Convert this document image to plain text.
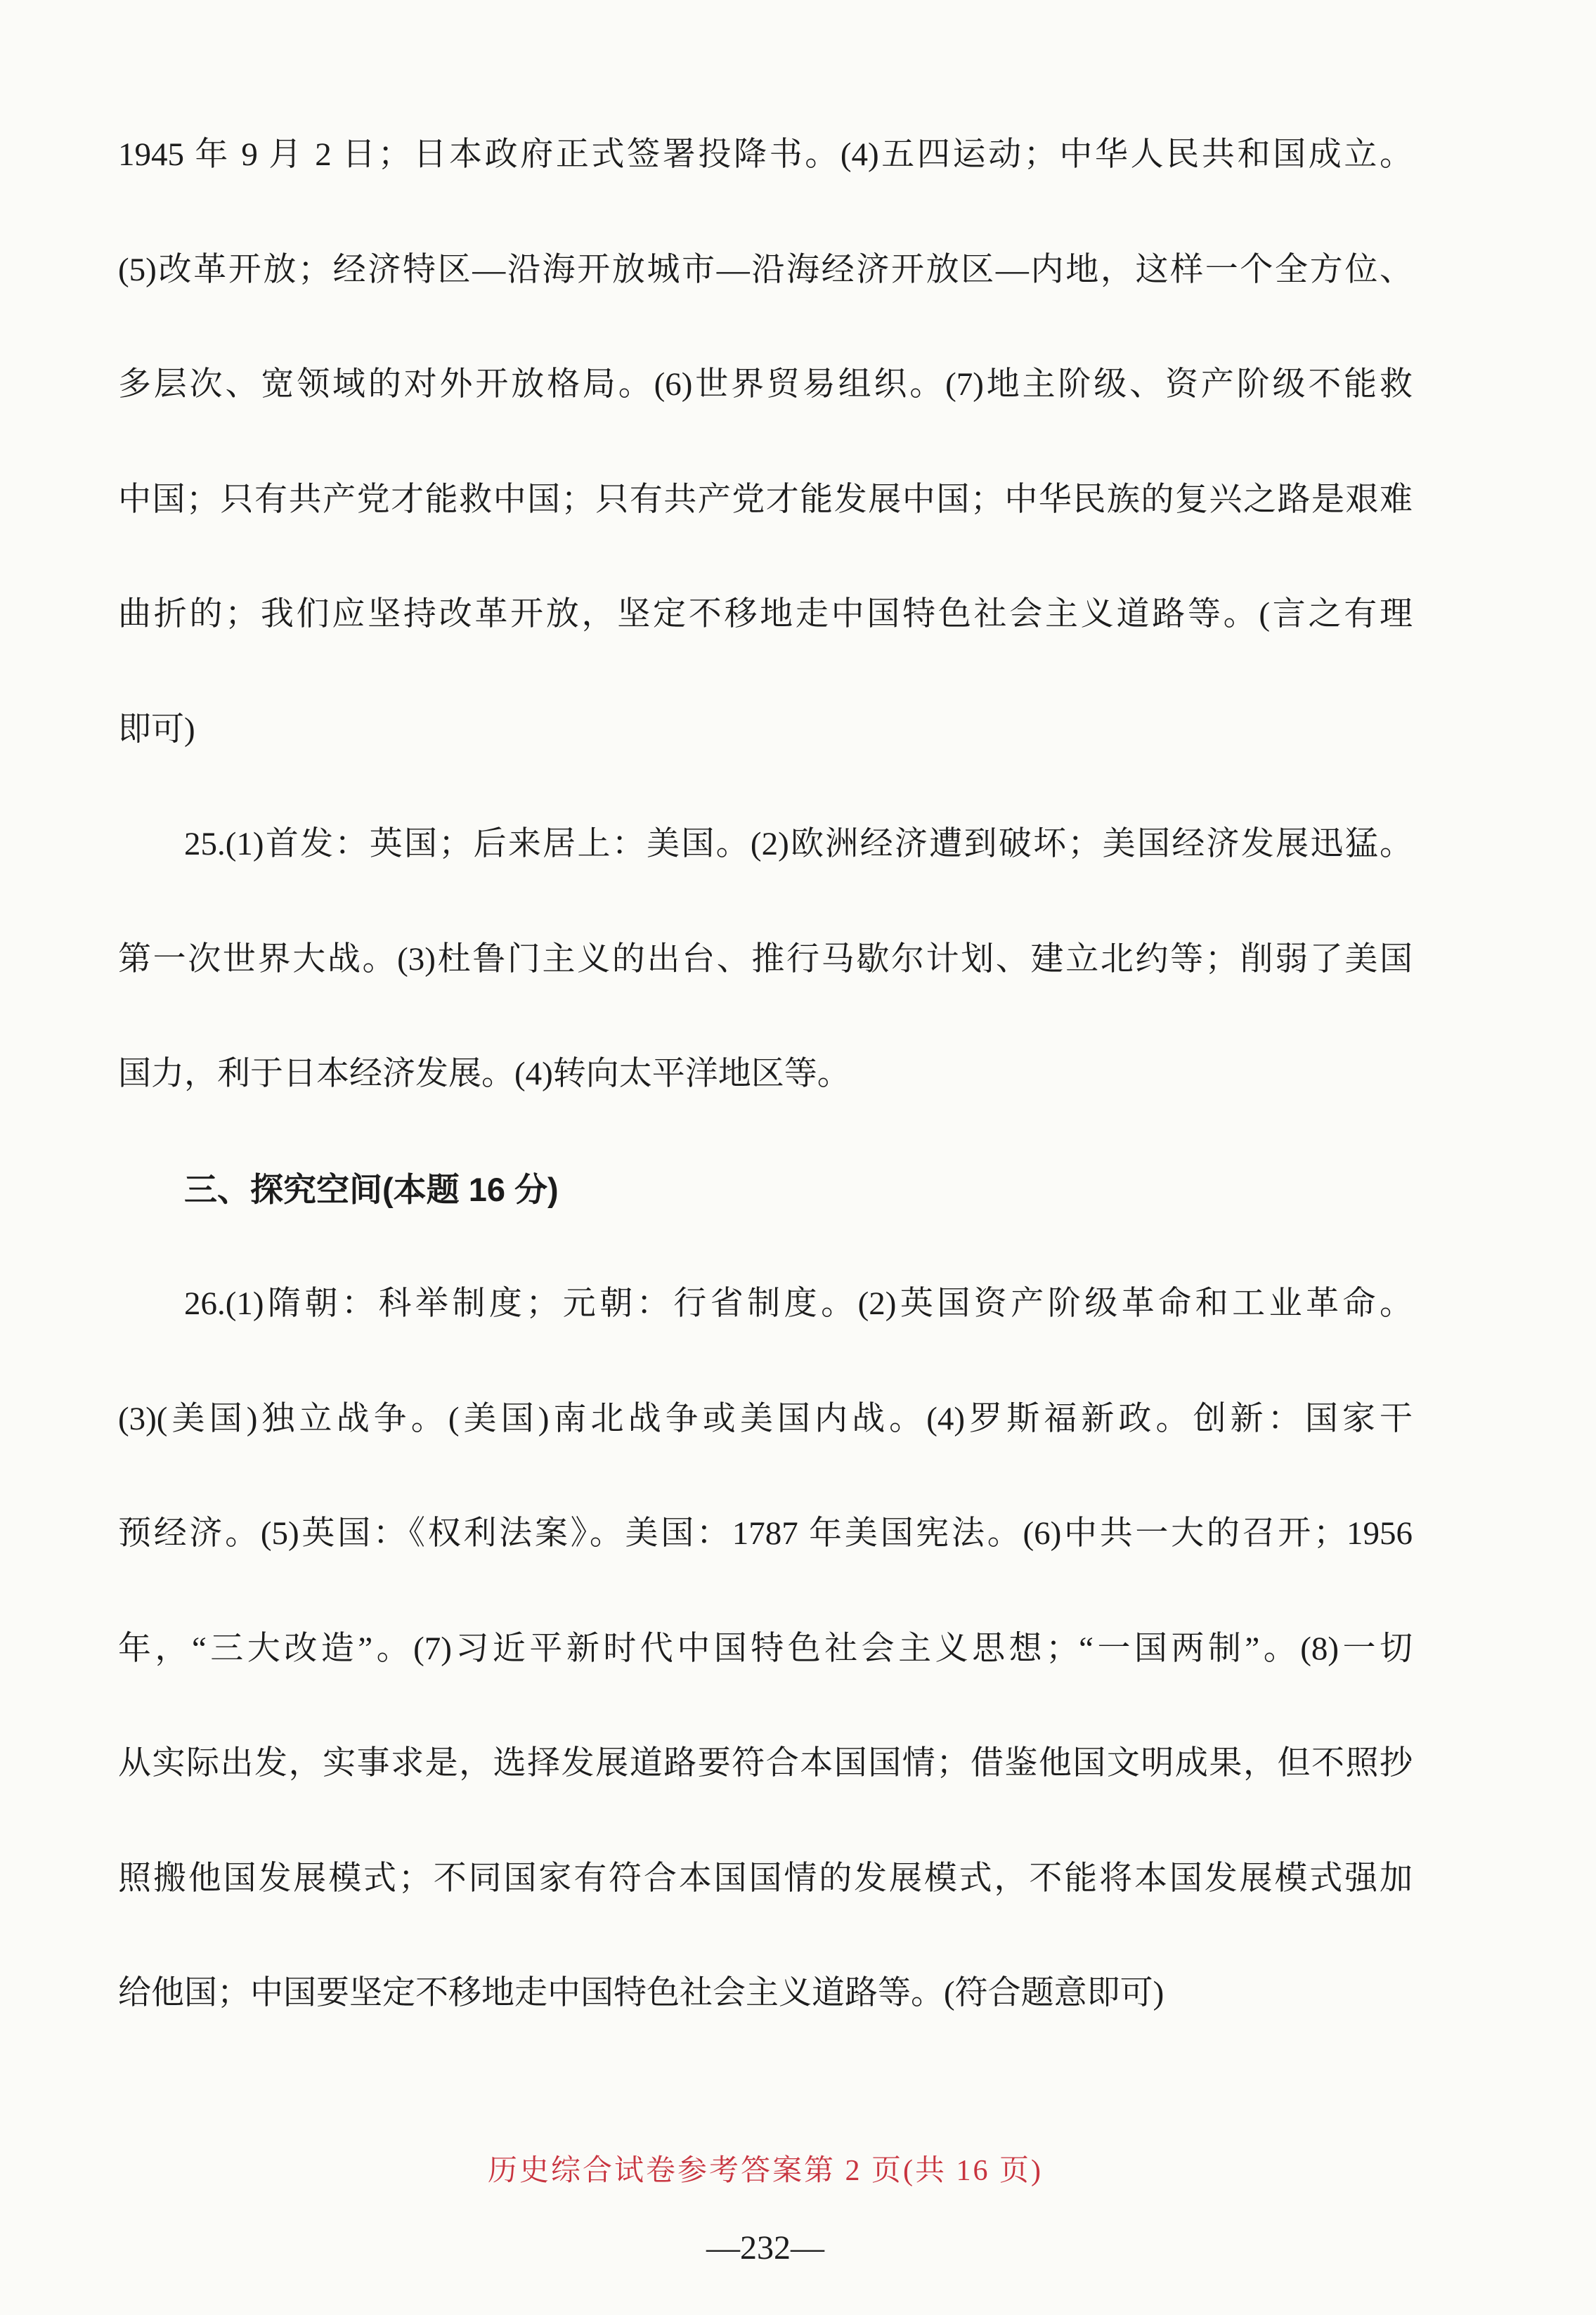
1945 年 9 月 2 日；日本政府正式签署投降书。(4)五四运动；中华人民共和国成立。
(5)改革开放；经济特区—沿海开放城市—沿海经济开放区—内地，这样一个全方位、
多层次、宽领域的对外开放格局。(6)世界贸易组织。(7)地主阶级、资产阶级不能救
中国；只有共产党才能救中国；只有共产党才能发展中国；中华民族的复兴之路是艰难
曲折的；我们应坚持改革开放，坚定不移地走中国特色社会主义道路等。(言之有理
即可)
25.(1)首发：英国；后来居上：美国。(2)欧洲经济遭到破坏；美国经济发展迅猛。
第一次世界大战。(3)杜鲁门主义的出台、推行马歇尔计划、建立北约等；削弱了美国
国力，利于日本经济发展。(4)转向太平洋地区等。
三、探究空间(本题 16 分)
26.(1)隋朝：科举制度；元朝：行省制度。(2)英国资产阶级革命和工业革命。
(3)(美国)独立战争。(美国)南北战争或美国内战。(4)罗斯福新政。创新：国家干
预经济。(5)英国：《权利法案》。美国：1787 年美国宪法。(6)中共一大的召开；1956
年，“三大改造”。(7)习近平新时代中国特色社会主义思想；“一国两制”。(8)一切
从实际出发，实事求是，选择发展道路要符合本国国情；借鉴他国文明成果，但不照抄
照搬他国发展模式；不同国家有符合本国国情的发展模式，不能将本国发展模式强加
给他国；中国要坚定不移地走中国特色社会主义道路等。(符合题意即可)
历史综合试卷参考答案第 2 页(共 16 页)
—232—
